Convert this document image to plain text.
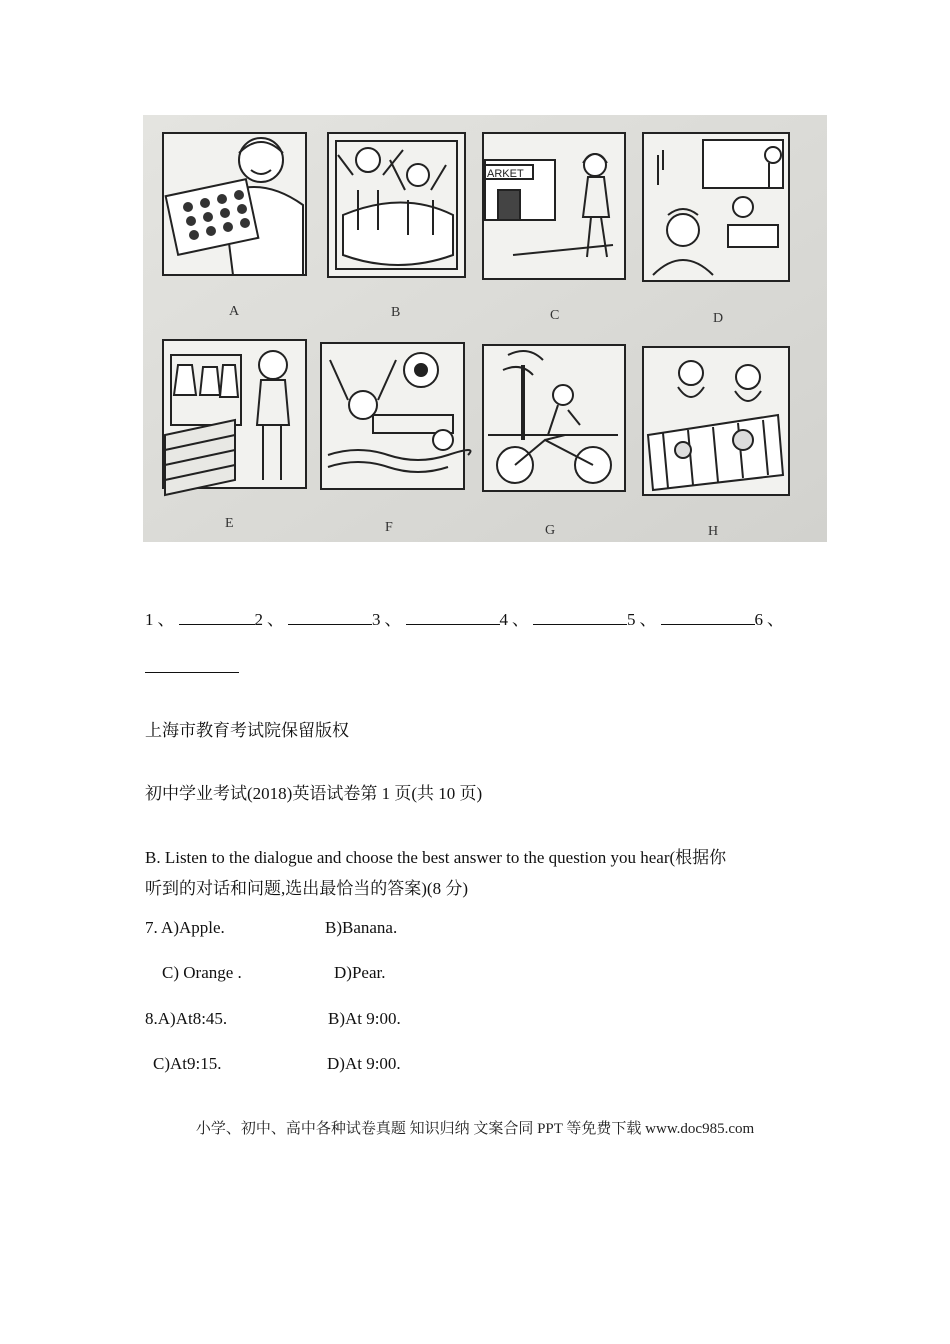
ARKET
A	B	C	D
E	F	G	H
1 、	2 、	3 、	4 、	5 、	6 、
上海市教育考试院保留版权
初中学业考试(2018)英语试卷第 1 页(共 10 页)
B. Listen to the dialogue and choose the best answer to the question you hear(根据你
听到的对话和问题,选出最恰当的答案)(8 分)
7. A)Apple.	B)Banana.
C) Orange .	D)Pear.
8.A)At8:45.	B)At 9:00.
C)At9:15.	D)At 9:00.
小学、初中、高中各种试卷真题 知识归纳 文案合同 PPT 等免费下载 www.doc985.com
